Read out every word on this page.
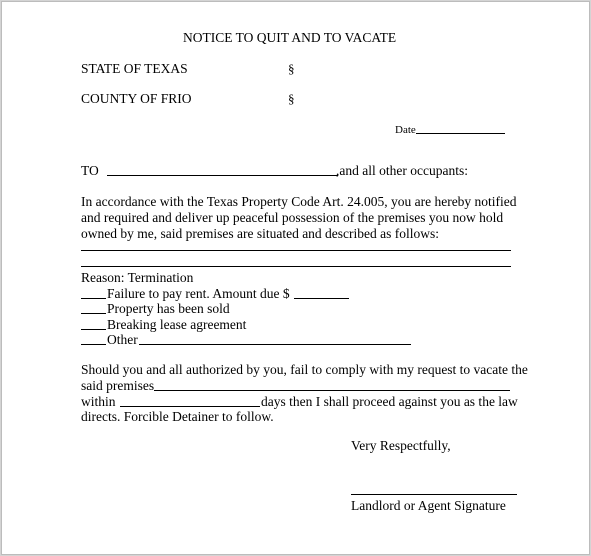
NOTICE TO QUIT AND TO VACATE
STATE OF TEXAS	§
COUNTY OF FRIO	§
Date
TO	,and all other occupants:
In accordance with the Texas Property Code Art. 24.005, you are hereby notified
and required and deliver up peaceful possession of the premises you now hold
owned by me, said premises are situated and described as follows:
Reason: Termination
Failure to pay rent. Amount due $
Property has been sold
Breaking lease agreement
Other
Should you and all authorized by you, fail to comply with my request to vacate the
said premises
within	days then I shall proceed against you as the law
directs. Forcible Detainer to follow.
Very Respectfully,
Landlord or Agent Signature
